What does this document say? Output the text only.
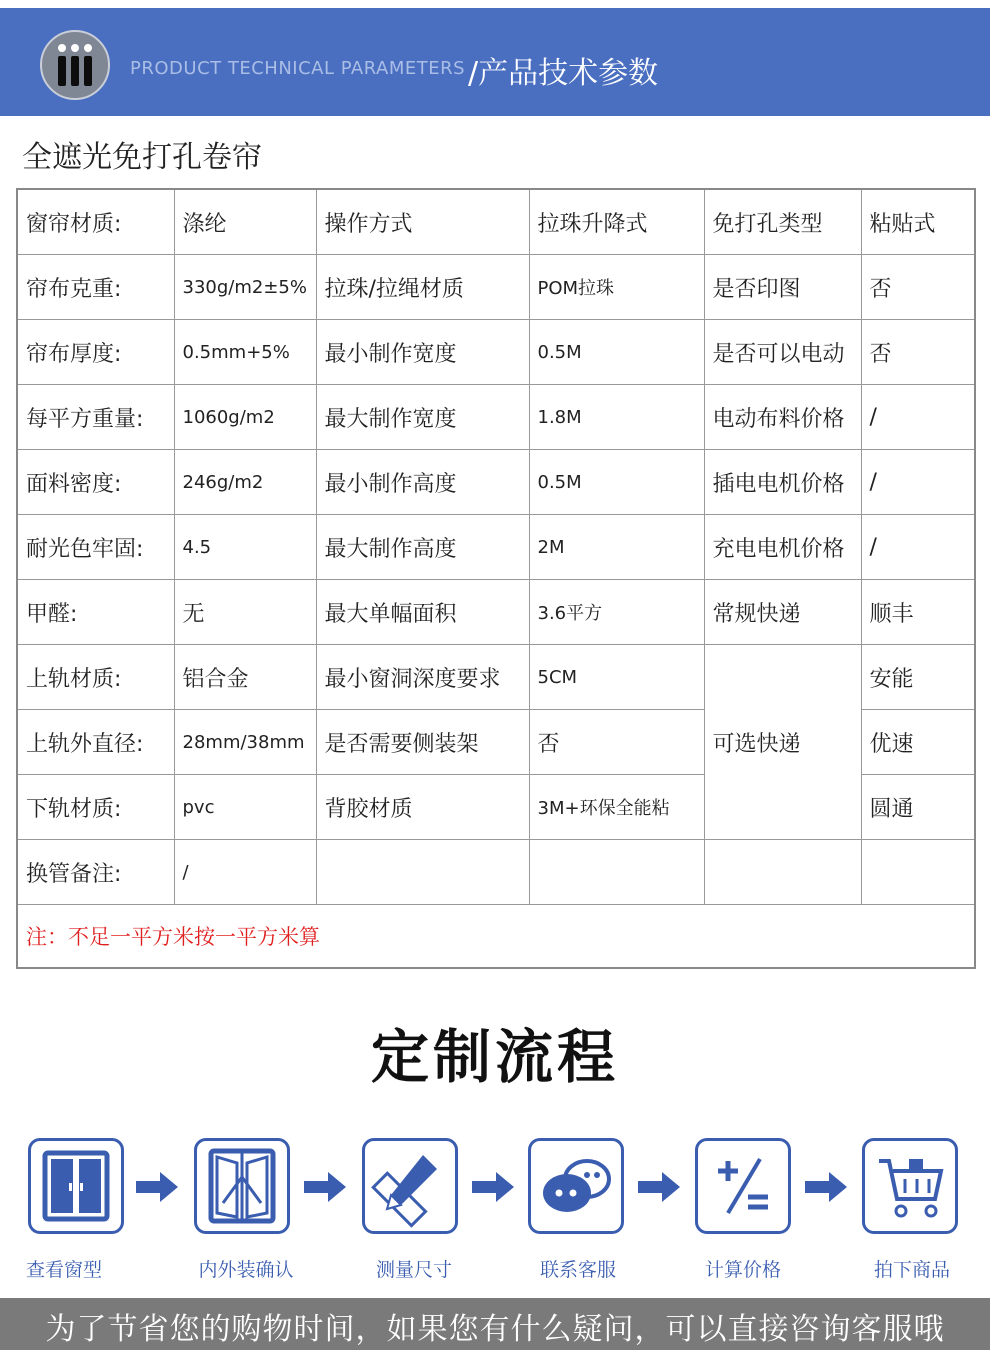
PRODUCT TECHNICAL PARAMETERS /产品技术参数
全遮光免打孔卷帘
窗帘材质:	涤纶	操作方式	拉珠升降式	免打孔类型	粘贴式
帘布克重:	330g/m2±5%	拉珠/拉绳材质	POM拉珠	是否印图	否
帘布厚度:	0.5mm+5%	最小制作宽度	0.5M	是否可以电动	否
每平方重量:	1060g/m2	最大制作宽度	1.8M	电动布料价格	/
面料密度:	246g/m2	最小制作高度	0.5M	插电电机价格	/
耐光色牢固:	4.5	最大制作高度	2M	充电电机价格	/
甲醛:	无	最大单幅面积	3.6平方	常规快递	顺丰
上轨材质:	铝合金	最小窗洞深度要求	5CM	可选快递	安能
上轨外直径:	28mm/38mm	是否需要侧装架	否		优速
下轨材质:	pvc	背胶材质	3M+环保全能粘		圆通
换管备注:	/				
注：不足一平方米按一平方米算					
定制流程
查看窗型	内外装确认	测量尺寸	联系客服	计算价格	拍下商品
为了节省您的购物时间，如果您有什么疑问，可以直接咨询客服哦
